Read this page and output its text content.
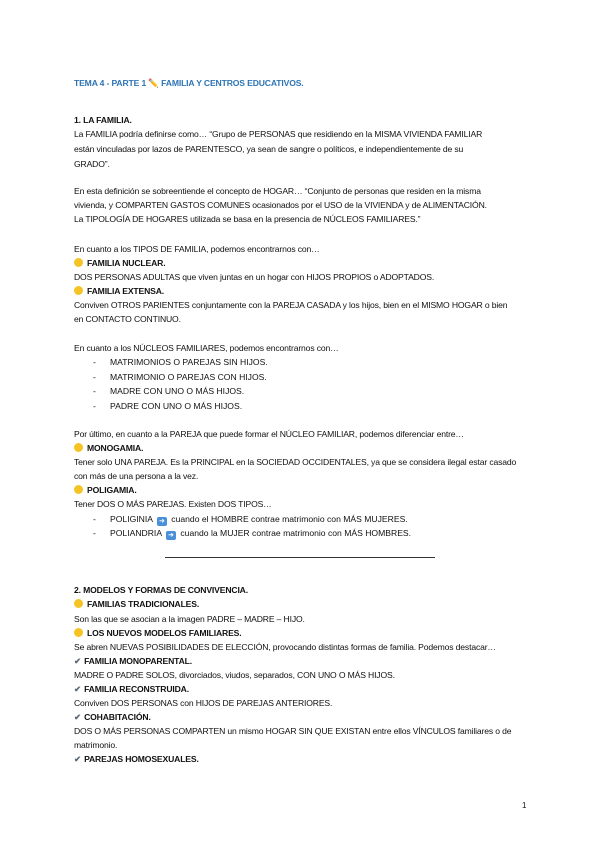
TEMA 4 - PARTE 1 ✏️ FAMILIA Y CENTROS EDUCATIVOS.
1. LA FAMILIA.
La FAMILIA podría definirse como… “Grupo de PERSONAS que residiendo en la MISMA VIVIENDA FAMILIAR
están vinculadas por lazos de PARENTESCO, ya sean de sangre o políticos, e independientemente de su
GRADO”.
En esta definición se sobreentiende el concepto de HOGAR… “Conjunto de personas que residen en la misma
vivienda, y COMPARTEN GASTOS COMUNES ocasionados por el USO de la VIVIENDA y de ALIMENTACIÓN.
La TIPOLOGÍA DE HOGARES utilizada se basa en la presencia de NÚCLEOS FAMILIARES.”
En cuanto a los TIPOS DE FAMILIA, podemos encontrarnos con…
FAMILIA NUCLEAR.
DOS PERSONAS ADULTAS que viven juntas en un hogar con HIJOS PROPIOS o ADOPTADOS.
FAMILIA EXTENSA.
Conviven OTROS PARIENTES conjuntamente con la PAREJA CASADA y los hijos, bien en el MISMO HOGAR o bien
en CONTACTO CONTINUO.
En cuanto a los NÚCLEOS FAMILIARES, podemos encontrarnos con…
- MATRIMONIOS O PAREJAS SIN HIJOS.
- MATRIMONIO O PAREJAS CON HIJOS.
- MADRE CON UNO O MÁS HIJOS.
- PADRE CON UNO O MÁS HIJOS.
Por último, en cuanto a la PAREJA que puede formar el NÚCLEO FAMILIAR, podemos diferenciar entre…
MONOGAMIA.
Tener solo UNA PAREJA. Es la PRINCIPAL en la SOCIEDAD OCCIDENTALES, ya que se considera ilegal estar casado
con más de una persona a la vez.
POLIGAMIA.
Tener DOS O MÁS PAREJAS. Existen DOS TIPOS…
- POLIGINIA ➜ cuando el HOMBRE contrae matrimonio con MÁS MUJERES.
- POLIANDRIA ➜ cuando la MUJER contrae matrimonio con MÁS HOMBRES.
2. MODELOS Y FORMAS DE CONVIVENCIA.
FAMILIAS TRADICIONALES.
Son las que se asocian a la imagen PADRE – MADRE – HIJO.
LOS NUEVOS MODELOS FAMILIARES.
Se abren NUEVAS POSIBILIDADES DE ELECCIÓN, provocando distintas formas de familia. Podemos destacar…
✔ FAMILIA MONOPARENTAL.
MADRE O PADRE SOLOS, divorciados, viudos, separados, CON UNO O MÁS HIJOS.
✔ FAMILIA RECONSTRUIDA.
Conviven DOS PERSONAS con HIJOS DE PAREJAS ANTERIORES.
✔ COHABITACIÓN.
DOS O MÁS PERSONAS COMPARTEN un mismo HOGAR SIN QUE EXISTAN entre ellos VÍNCULOS familiares o de
matrimonio.
✔ PAREJAS HOMOSEXUALES.
1
